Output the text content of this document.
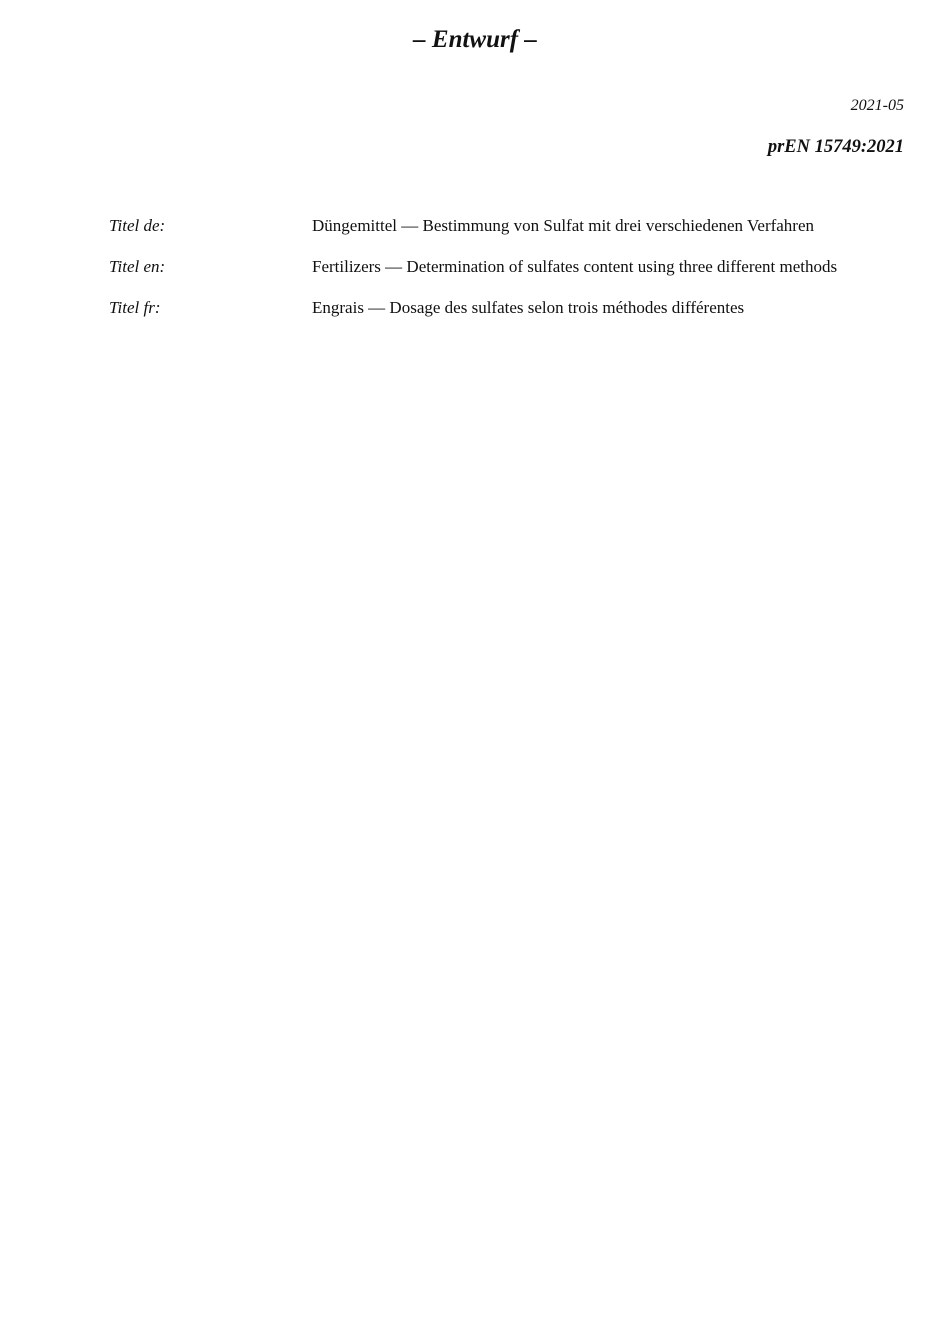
– Entwurf –
2021-05
prEN 15749:2021
Titel de:	Düngemittel — Bestimmung von Sulfat mit drei verschiedenen Verfahren
Titel en:	Fertilizers — Determination of sulfates content using three different methods
Titel fr:	Engrais — Dosage des sulfates selon trois méthodes différentes
